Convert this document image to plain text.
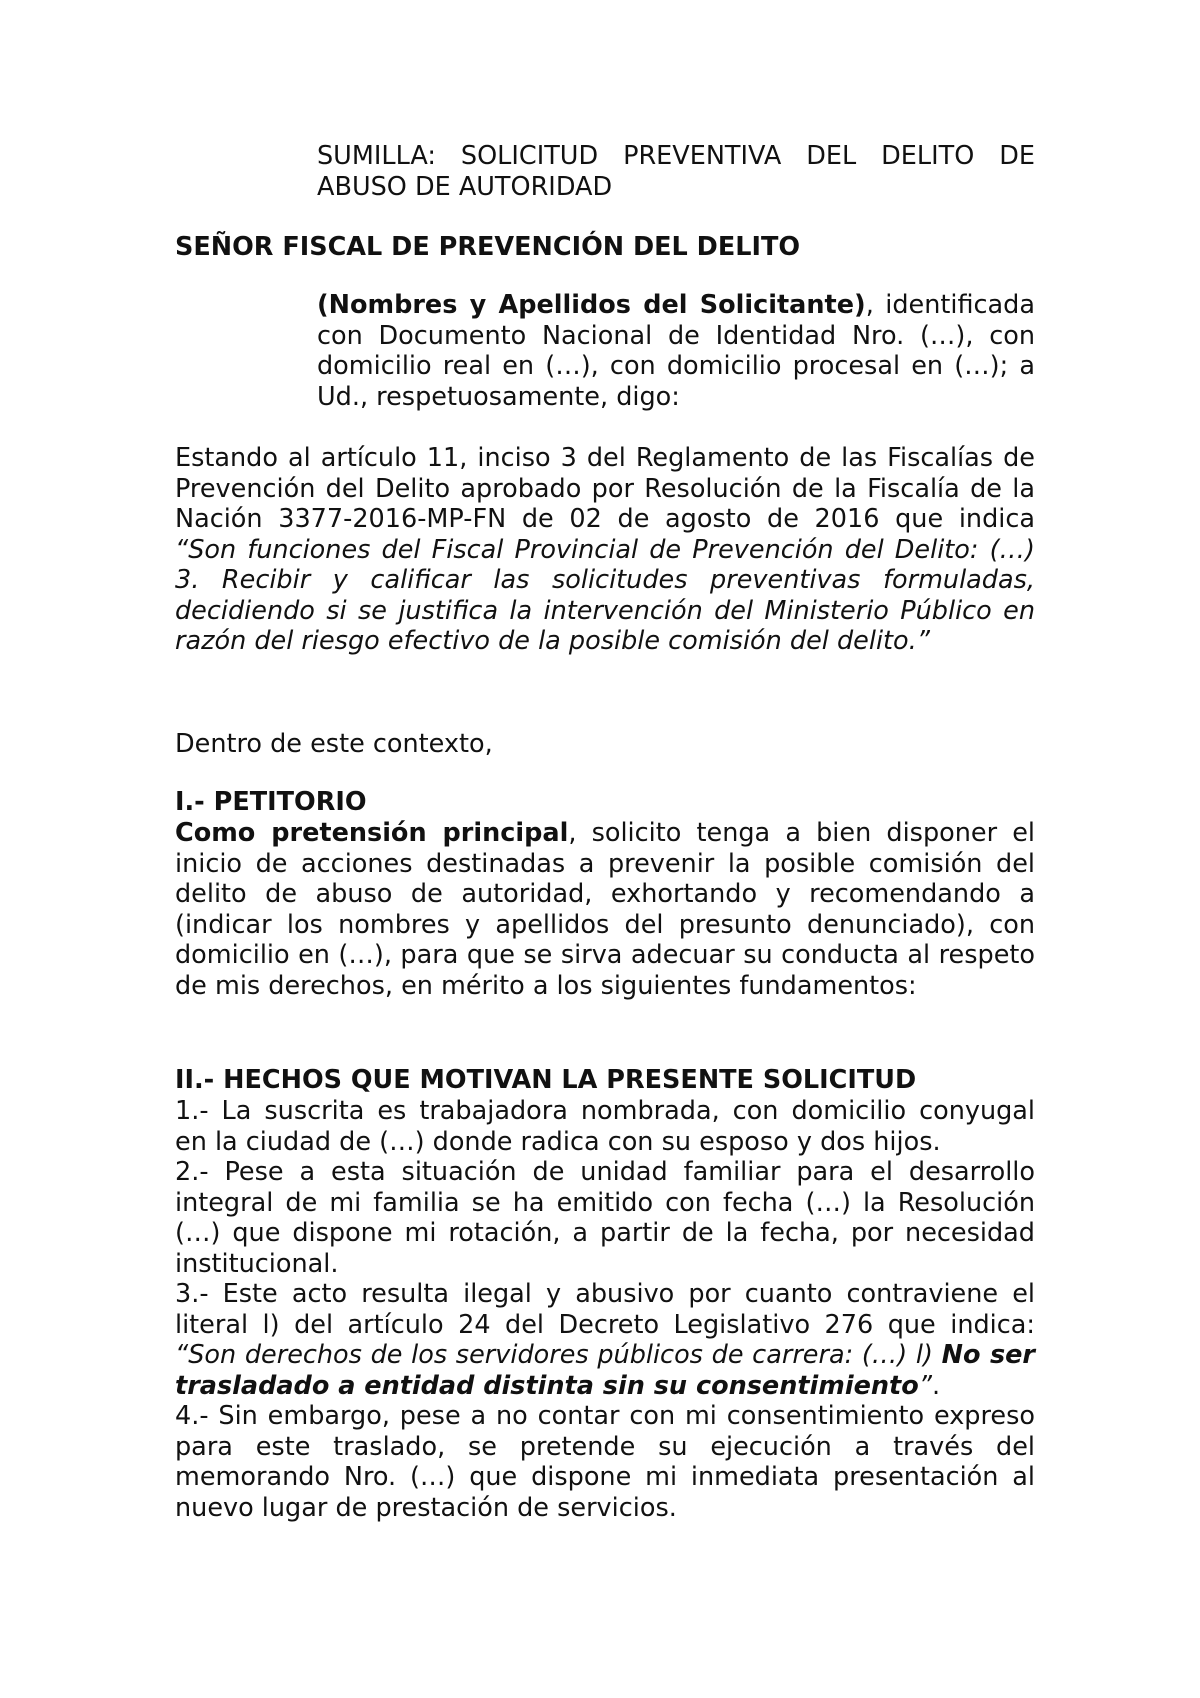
SUMILLA: SOLICITUD PREVENTIVA DEL DELITO DE ABUSO DE AUTORIDAD

SEÑOR FISCAL DE PREVENCIÓN DEL DELITO

(Nombres y Apellidos del Solicitante), identificada con Documento Nacional de Identidad Nro. (…), con domicilio real en (…), con domicilio procesal en (…); a Ud., respetuosamente, digo:

Estando al artículo 11, inciso 3 del Reglamento de las Fiscalías de Prevención del Delito aprobado por Resolución de la Fiscalía de la Nación 3377-2016-MP-FN de 02 de agosto de 2016 que indica “Son funciones del Fiscal Provincial de Prevención del Delito: (…) 3. Recibir y calificar las solicitudes preventivas formuladas, decidiendo si se justifica la intervención del Ministerio Público en razón del riesgo efectivo de la posible comisión del delito.”

Dentro de este contexto,

I.- PETITORIO

Como pretensión principal, solicito tenga a bien disponer el inicio de acciones destinadas a prevenir la posible comisión del delito de abuso de autoridad, exhortando y recomendando a (indicar los nombres y apellidos del presunto denunciado), con domicilio en (…), para que se sirva adecuar su conducta al respeto de mis derechos, en mérito a los siguientes fundamentos:

II.- HECHOS QUE MOTIVAN LA PRESENTE SOLICITUD

1.- La suscrita es trabajadora nombrada, con domicilio conyugal en la ciudad de (…) donde radica con su esposo y dos hijos.

2.- Pese a esta situación de unidad familiar para el desarrollo integral de mi familia se ha emitido con fecha (…) la Resolución (…) que dispone mi rotación, a partir de la fecha, por necesidad institucional.

3.- Este acto resulta ilegal y abusivo por cuanto contraviene el literal l) del artículo 24 del Decreto Legislativo 276 que indica: “Son derechos de los servidores públicos de carrera: (…) l) No ser trasladado a entidad distinta sin su consentimiento”.

4.- Sin embargo, pese a no contar con mi consentimiento expreso para este traslado, se pretende su ejecución a través del memorando Nro. (…) que dispone mi inmediata presentación al nuevo lugar de prestación de servicios.
